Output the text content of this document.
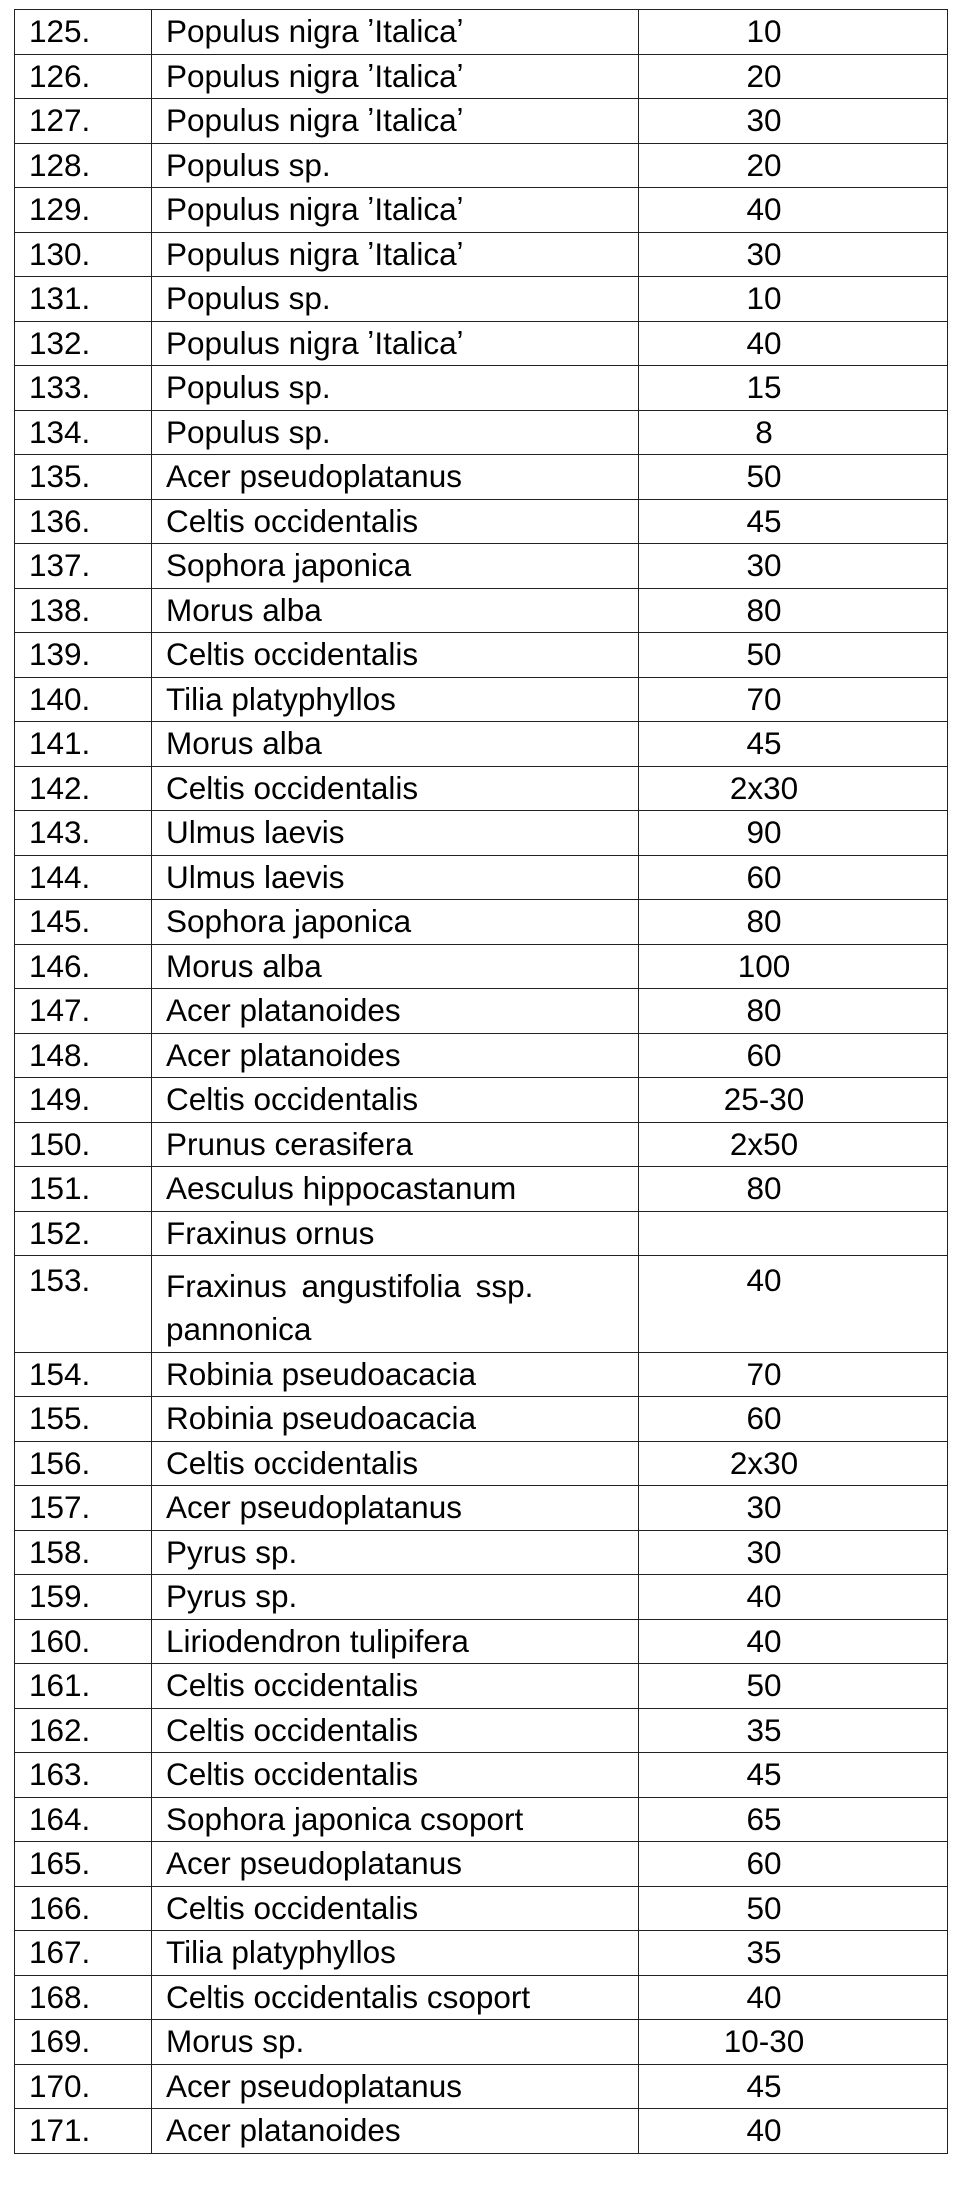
125.	Populus nigra ʼItalicaʼ	10

126.	Populus nigra ʼItalicaʼ	20

127.	Populus nigra ʼItalicaʼ	30

128.	Populus sp.	20

129.	Populus nigra ʼItalicaʼ	40

130.	Populus nigra ʼItalicaʼ	30

131.	Populus sp.	10

132.	Populus nigra ʼItalicaʼ	40

133.	Populus sp.	15

134.	Populus sp.	8

135.	Acer pseudoplatanus	50

136.	Celtis occidentalis	45

137.	Sophora japonica	30

138.	Morus alba	80

139.	Celtis occidentalis	50

140.	Tilia platyphyllos	70

141.	Morus alba	45

142.	Celtis occidentalis	2x30

143.	Ulmus laevis	90

144.	Ulmus laevis	60

145.	Sophora japonica	80

146.	Morus alba	100

147.	Acer platanoides	80

148.	Acer platanoides	60

149.	Celtis occidentalis	25-30

150.	Prunus cerasifera	2x50

151.	Aesculus hippocastanum	80

152.	Fraxinus ornus	

153.	Fraxinus angustifolia ssp. pannonica	40

154.	Robinia pseudoacacia	70

155.	Robinia pseudoacacia	60

156.	Celtis occidentalis	2x30

157.	Acer pseudoplatanus	30

158.	Pyrus sp.	30

159.	Pyrus sp.	40

160.	Liriodendron tulipifera	40

161.	Celtis occidentalis	50

162.	Celtis occidentalis	35

163.	Celtis occidentalis	45

164.	Sophora japonica csoport	65

165.	Acer pseudoplatanus	60

166.	Celtis occidentalis	50

167.	Tilia platyphyllos	35

168.	Celtis occidentalis csoport	40

169.	Morus sp.	10-30

170.	Acer pseudoplatanus	45

171.	Acer platanoides	40
